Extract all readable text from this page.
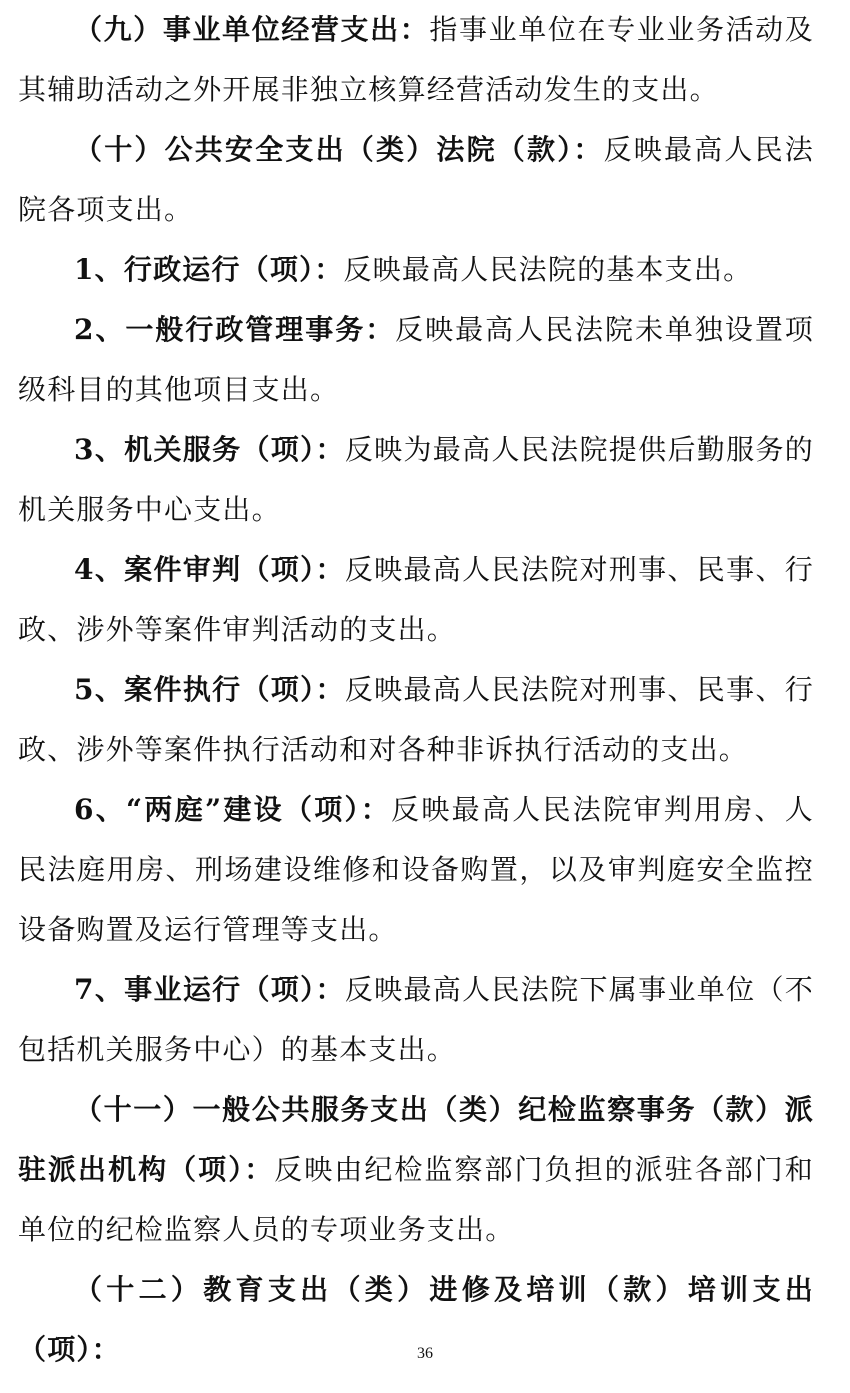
（九）事业单位经营支出：指事业单位在专业业务活动及其辅助活动之外开展非独立核算经营活动发生的支出。

（十）公共安全支出（类）法院（款）：反映最高人民法院各项支出。

1、行政运行（项）：反映最高人民法院的基本支出。

2、一般行政管理事务：反映最高人民法院未单独设置项级科目的其他项目支出。

3、机关服务（项）：反映为最高人民法院提供后勤服务的机关服务中心支出。

4、案件审判（项）：反映最高人民法院对刑事、民事、行政、涉外等案件审判活动的支出。

5、案件执行（项）：反映最高人民法院对刑事、民事、行政、涉外等案件执行活动和对各种非诉执行活动的支出。

6、“两庭”建设（项）：反映最高人民法院审判用房、人民法庭用房、刑场建设维修和设备购置，以及审判庭安全监控设备购置及运行管理等支出。

7、事业运行（项）：反映最高人民法院下属事业单位（不包括机关服务中心）的基本支出。

（十一）一般公共服务支出（类）纪检监察事务（款）派驻派出机构（项）：反映由纪检监察部门负担的派驻各部门和单位的纪检监察人员的专项业务支出。

（十二）教育支出（类）进修及培训（款）培训支出（项）：	36
